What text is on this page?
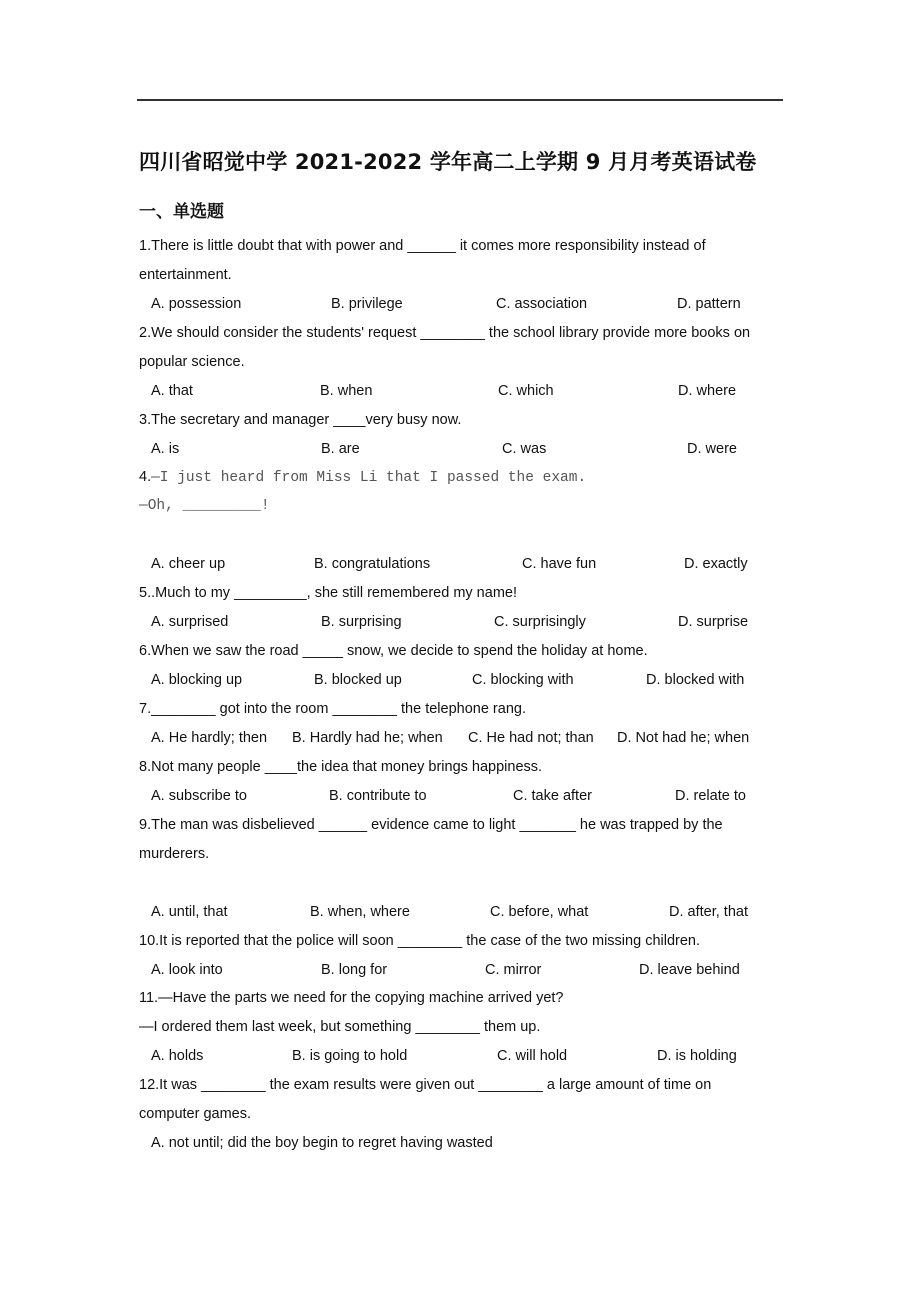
四川省昭觉中学 2021-2022 学年高二上学期 9 月月考英语试卷
一、单选题
1.There is little doubt that with power and ______ it comes more responsibility instead of
entertainment.
A. possession	B. privilege	C. association	D. pattern
2.We should consider the students' request ________ the school library provide more books on
popular science.
A. that	B. when	C. which	D. where
3.The secretary and manager ____very busy now.
A. is	B. are	C. was	D. were
4.—I just heard from Miss Li that I passed the exam.
—Oh, _________!
A. cheer up	B. congratulations	C. have fun	D. exactly
5..Much to my _________, she still remembered my name!
A. surprised	B. surprising	C. surprisingly	D. surprise
6.When we saw the road _____ snow, we decide to spend the holiday at home.
A. blocking up	B. blocked up	C. blocking with	D. blocked with
7.________ got into the room ________ the telephone rang.
A. He hardly; then B. Hardly had he; when C. He had not; than D. Not had he; when
8.Not many people ____the idea that money brings happiness.
A. subscribe to	B. contribute to	C. take after	D. relate to
9.The man was disbelieved ______ evidence came to light _______ he was trapped by the
murderers.
A. until, that	B. when, where	C. before, what	D. after, that
10.It is reported that the police will soon ________ the case of the two missing children.
A. look into	B. long for	C. mirror	D. leave behind
11.—Have the parts we need for the copying machine arrived yet?
—I ordered them last week, but something ________ them up.
A. holds	B. is going to hold	C. will hold	D. is holding
12.It was ________ the exam results were given out ________ a large amount of time on
computer games.
A. not until; did the boy begin to regret having wasted
